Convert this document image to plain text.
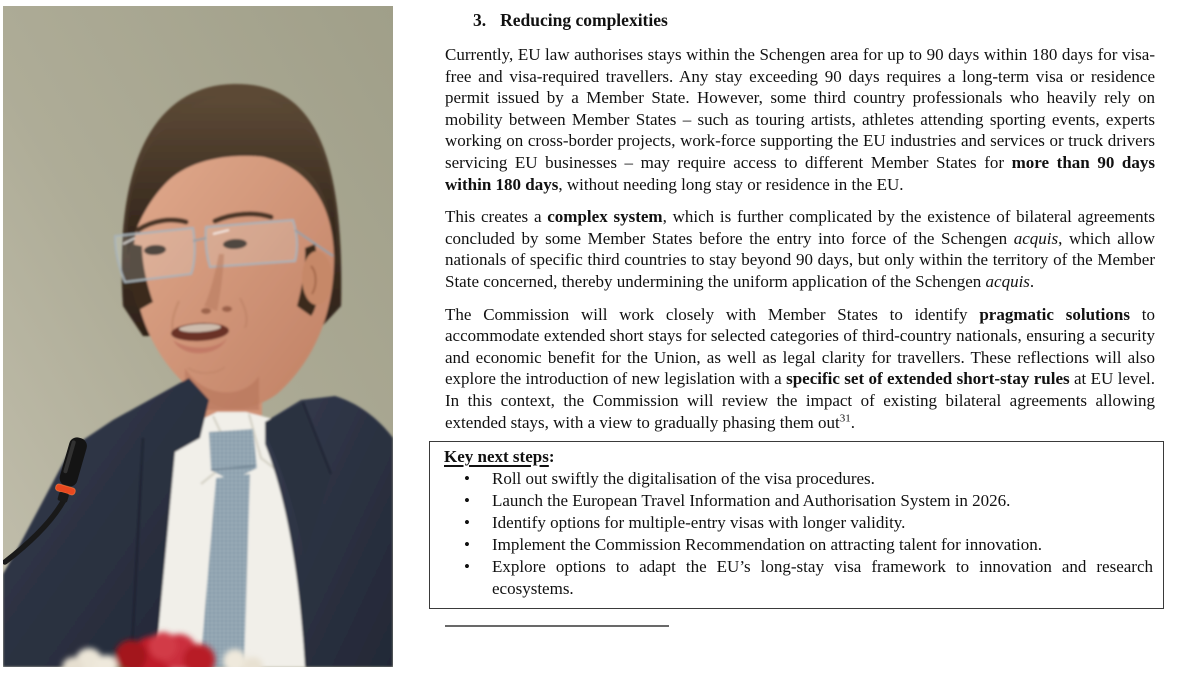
3. Reducing complexities

Currently, EU law authorises stays within the Schengen area for up to 90 days within 180 days for visa-free and visa-required travellers. Any stay exceeding 90 days requires a long-term visa or residence permit issued by a Member State. However, some third country professionals who heavily rely on mobility between Member States – such as touring artists, athletes attending sporting events, experts working on cross-border projects, work-force supporting the EU industries and services or truck drivers servicing EU businesses – may require access to different Member States for more than 90 days within 180 days, without needing long stay or residence in the EU.

This creates a complex system, which is further complicated by the existence of bilateral agreements concluded by some Member States before the entry into force of the Schengen acquis, which allow nationals of specific third countries to stay beyond 90 days, but only within the territory of the Member State concerned, thereby undermining the uniform application of the Schengen acquis.

The Commission will work closely with Member States to identify pragmatic solutions to accommodate extended short stays for selected categories of third-country nationals, ensuring a security and economic benefit for the Union, as well as legal clarity for travellers. These reflections will also explore the introduction of new legislation with a specific set of extended short-stay rules at EU level. In this context, the Commission will review the impact of existing bilateral agreements allowing extended stays, with a view to gradually phasing them out$^{31}$.

Key next steps:
•	Roll out swiftly the digitalisation of the visa procedures.
•	Launch the European Travel Information and Authorisation System in 2026.
•	Identify options for multiple-entry visas with longer validity.
•	Implement the Commission Recommendation on attracting talent for innovation.
•	Explore options to adapt the EU’s long-stay visa framework to innovation and research ecosystems.
